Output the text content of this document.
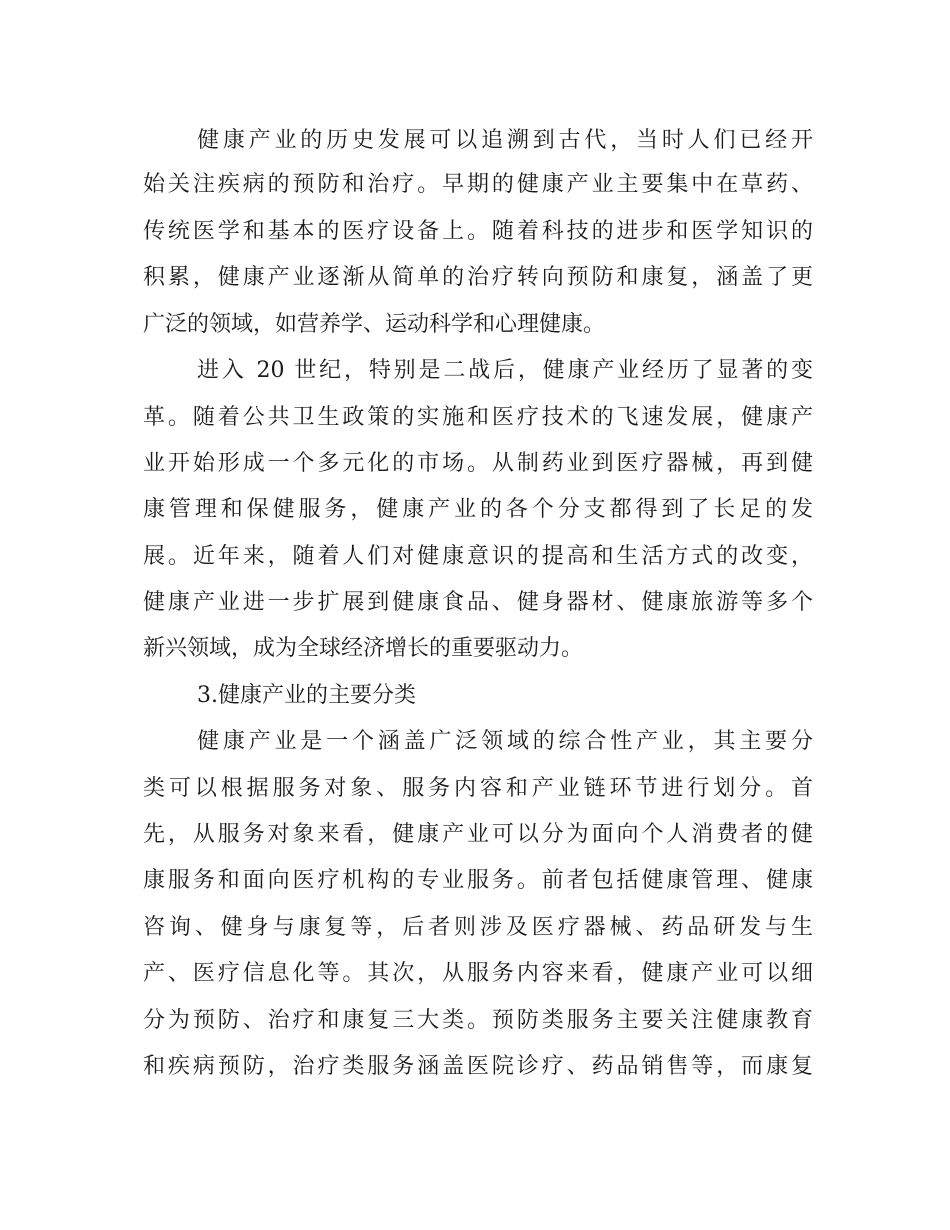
健康产业的历史发展可以追溯到古代，当时人们已经开
始关注疾病的预防和治疗。早期的健康产业主要集中在草药、
传统医学和基本的医疗设备上。随着科技的进步和医学知识的
积累，健康产业逐渐从简单的治疗转向预防和康复，涵盖了更
广泛的领域，如营养学、运动科学和心理健康。
进入 20 世纪，特别是二战后，健康产业经历了显著的变
革。随着公共卫生政策的实施和医疗技术的飞速发展，健康产
业开始形成一个多元化的市场。从制药业到医疗器械，再到健
康管理和保健服务，健康产业的各个分支都得到了长足的发
展。近年来，随着人们对健康意识的提高和生活方式的改变，
健康产业进一步扩展到健康食品、健身器材、健康旅游等多个
新兴领域，成为全球经济增长的重要驱动力。
3.健康产业的主要分类
健康产业是一个涵盖广泛领域的综合性产业，其主要分
类可以根据服务对象、服务内容和产业链环节进行划分。首
先，从服务对象来看，健康产业可以分为面向个人消费者的健
康服务和面向医疗机构的专业服务。前者包括健康管理、健康
咨询、健身与康复等，后者则涉及医疗器械、药品研发与生
产、医疗信息化等。其次，从服务内容来看，健康产业可以细
分为预防、治疗和康复三大类。预防类服务主要关注健康教育
和疾病预防，治疗类服务涵盖医院诊疗、药品销售等，而康复
